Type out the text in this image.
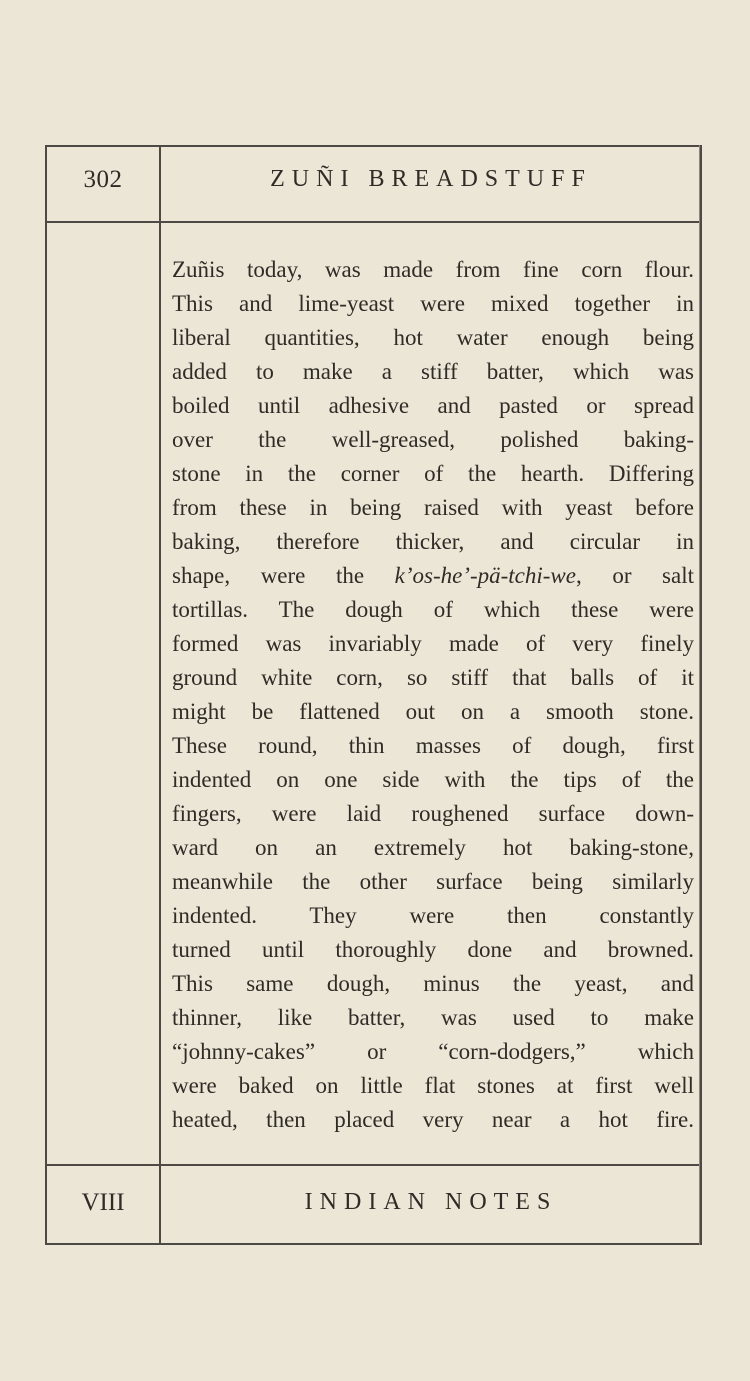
302	ZUÑI BREADSTUFF
Zuñis today, was made from fine corn flour.
This and lime-yeast were mixed together in
liberal quantities, hot water enough being
added to make a stiff batter, which was
boiled until adhesive and pasted or spread
over the well-greased, polished baking-
stone in the corner of the hearth. Differing
from these in being raised with yeast before
baking, therefore thicker, and circular in
shape, were the k’os-he’-pä-tchi-we, or salt
tortillas. The dough of which these were
formed was invariably made of very finely
ground white corn, so stiff that balls of it
might be flattened out on a smooth stone.
These round, thin masses of dough, first
indented on one side with the tips of the
fingers, were laid roughened surface down-
ward on an extremely hot baking-stone,
meanwhile the other surface being similarly
indented. They were then constantly
turned until thoroughly done and browned.
This same dough, minus the yeast, and
thinner, like batter, was used to make
“johnny-cakes” or “corn-dodgers,” which
were baked on little flat stones at first well
heated, then placed very near a hot fire.
VIII	INDIAN NOTES
